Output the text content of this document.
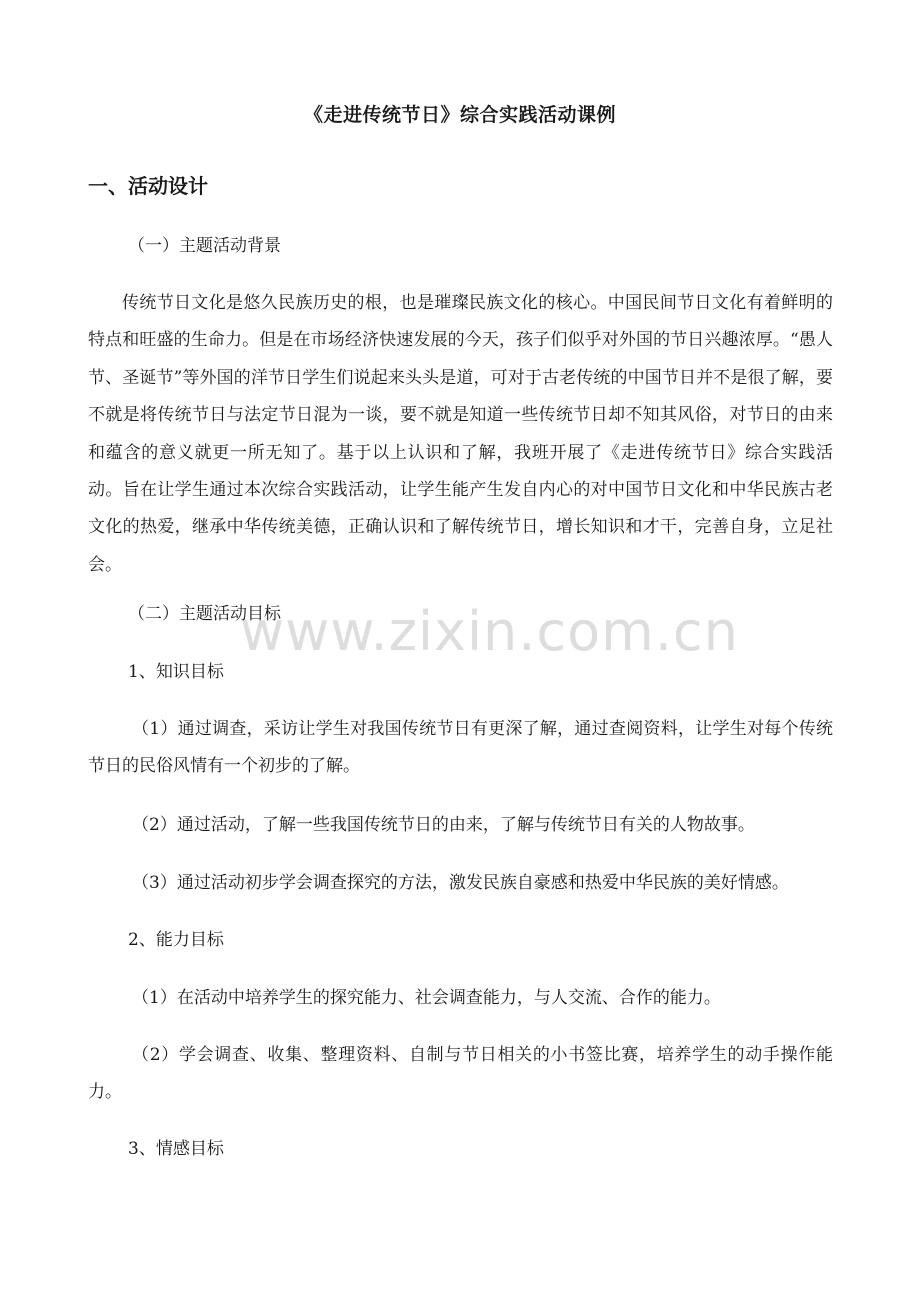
《走进传统节日》综合实践活动课例
一、活动设计
（一）主题活动背景
传统节日文化是悠久民族历史的根，也是璀璨民族文化的核心。中国民间节日文化有着鲜明的特点和旺盛的生命力。但是在市场经济快速发展的今天，孩子们似乎对外国的节日兴趣浓厚。“愚人节、圣诞节”等外国的洋节日学生们说起来头头是道，可对于古老传统的中国节日并不是很了解，要不就是将传统节日与法定节日混为一谈，要不就是知道一些传统节日却不知其风俗，对节日的由来和蕴含的意义就更一所无知了。基于以上认识和了解，我班开展了《走进传统节日》综合实践活动。旨在让学生通过本次综合实践活动，让学生能产生发自内心的对中国节日文化和中华民族古老文化的热爱，继承中华传统美德，正确认识和了解传统节日，增长知识和才干，完善自身，立足社会。
（二）主题活动目标
1、知识目标
（1）通过调查，采访让学生对我国传统节日有更深了解，通过查阅资料，让学生对每个传统节日的民俗风情有一个初步的了解。
（2）通过活动，了解一些我国传统节日的由来，了解与传统节日有关的人物故事。
（3）通过活动初步学会调查探究的方法，激发民族自豪感和热爱中华民族的美好情感。
2、能力目标
（1）在活动中培养学生的探究能力、社会调查能力，与人交流、合作的能力。
（2）学会调查、收集、整理资料、自制与节日相关的小书签比赛，培养学生的动手操作能力。
3、情感目标
www.zixin.com.cn
